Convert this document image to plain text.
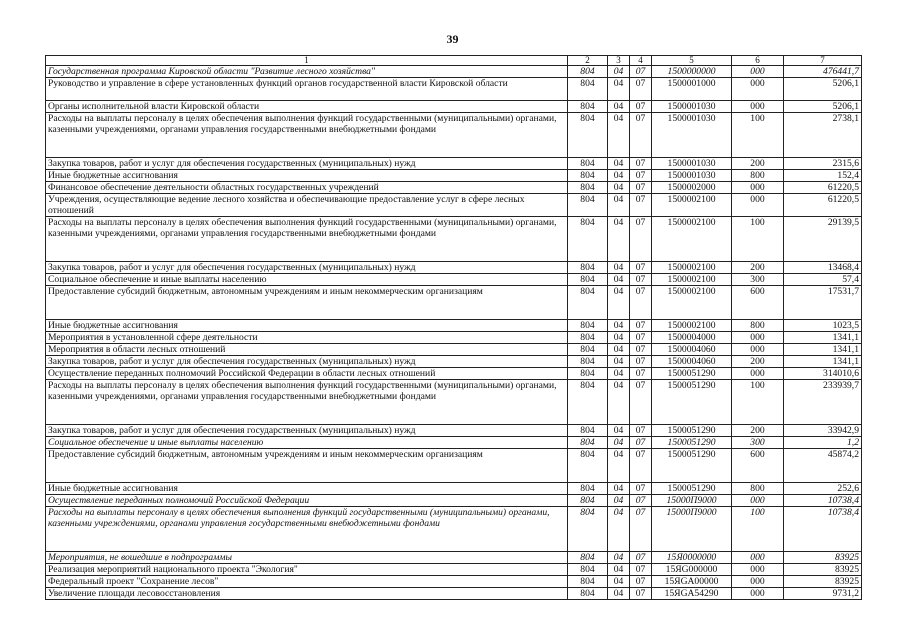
39
1	2	3	4	5	6	7
Государственная программа Кировской области "Развитие лесного хозяйства"	804	04	07	1500000000	000	476441,7
Руководство и управление в сфере установленных функций органов государственной власти Кировской области	804	04	07	1500001000	000	5206,1
Органы исполнительной власти Кировской области	804	04	07	1500001030	000	5206,1
Расходы на выплаты персоналу в целях обеспечения выполнения функций государственными (муниципальными) органами, казенными учреждениями, органами управления государственными внебюджетными фондами	804	04	07	1500001030	100	2738,1
Закупка товаров, работ и услуг для обеспечения государственных (муниципальных) нужд	804	04	07	1500001030	200	2315,6
Иные бюджетные ассигнования	804	04	07	1500001030	800	152,4
Финансовое обеспечение деятельности областных государственных учреждений	804	04	07	1500002000	000	61220,5
Учреждения, осуществляющие ведение лесного хозяйства и обеспечивающие предоставление услуг в сфере лесных отношений	804	04	07	1500002100	000	61220,5
Расходы на выплаты персоналу в целях обеспечения выполнения функций государственными (муниципальными) органами, казенными учреждениями, органами управления государственными внебюджетными фондами	804	04	07	1500002100	100	29139,5
Закупка товаров, работ и услуг для обеспечения государственных (муниципальных) нужд	804	04	07	1500002100	200	13468,4
Социальное обеспечение и иные выплаты населению	804	04	07	1500002100	300	57,4
Предоставление субсидий бюджетным, автономным учреждениям и иным некоммерческим организациям	804	04	07	1500002100	600	17531,7
Иные бюджетные ассигнования	804	04	07	1500002100	800	1023,5
Мероприятия в установленной сфере деятельности	804	04	07	1500004000	000	1341,1
Мероприятия в области лесных отношений	804	04	07	1500004060	000	1341,1
Закупка товаров, работ и услуг для обеспечения государственных (муниципальных) нужд	804	04	07	1500004060	200	1341,1
Осуществление переданных полномочий Российской Федерации в области лесных отношений	804	04	07	1500051290	000	314010,6
Расходы на выплаты персоналу в целях обеспечения выполнения функций государственными (муниципальными) органами, казенными учреждениями, органами управления государственными внебюджетными фондами	804	04	07	1500051290	100	233939,7
Закупка товаров, работ и услуг для обеспечения государственных (муниципальных) нужд	804	04	07	1500051290	200	33942,9
Социальное обеспечение и иные выплаты населению	804	04	07	1500051290	300	1,2
Предоставление субсидий бюджетным, автономным учреждениям и иным некоммерческим организациям	804	04	07	1500051290	600	45874,2
Иные бюджетные ассигнования	804	04	07	1500051290	800	252,6
Осуществление переданных полномочий Российской Федерации	804	04	07	15000П9000	000	10738,4
Расходы на выплаты персоналу в целях обеспечения выполнения функций государственными (муниципальными) органами, казенными учреждениями, органами управления государственными внебюджетными фондами	804	04	07	15000П9000	100	10738,4
Мероприятия, не вошедшие в подпрограммы	804	04	07	15Я0000000	000	83925
Реализация мероприятий национального проекта "Экология"	804	04	07	15ЯG000000	000	83925
Федеральный проект "Сохранение лесов"	804	04	07	15ЯGA00000	000	83925
Увеличение площади лесовосстановления	804	04	07	15ЯGA54290	000	9731,2
